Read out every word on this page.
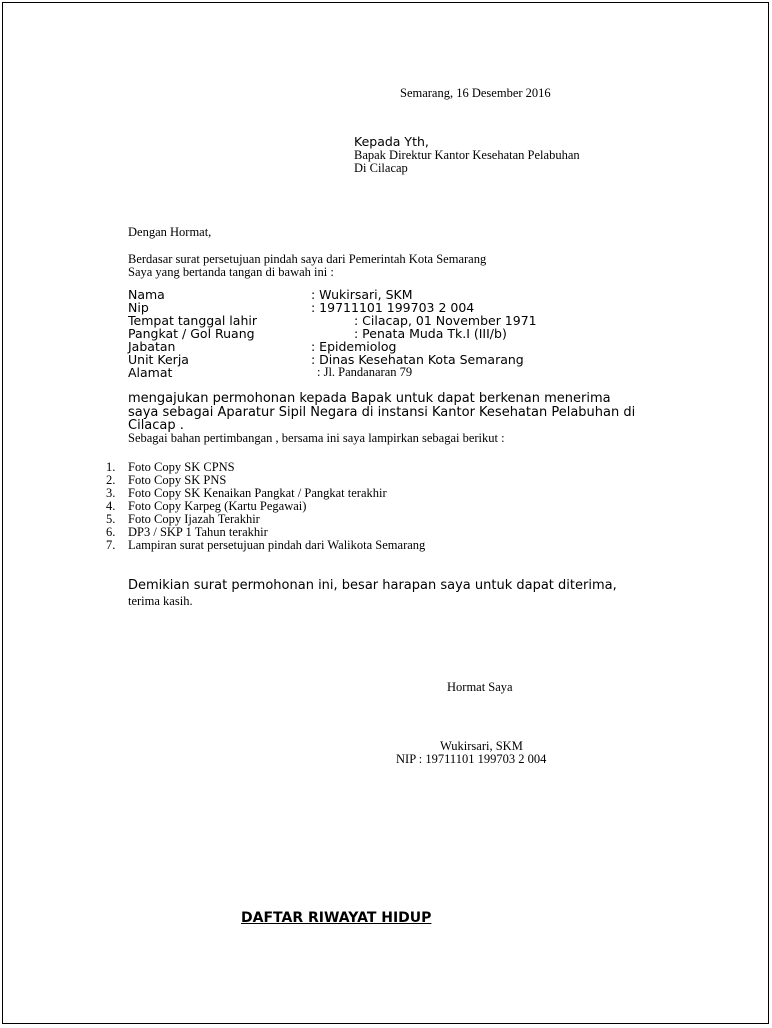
Semarang, 16 Desember 2016
Kepada Yth,
Bapak Direktur Kantor Kesehatan Pelabuhan
Di Cilacap
Dengan Hormat,
Berdasar surat persetujuan pindah saya dari Pemerintah Kota Semarang
Saya yang bertanda tangan di bawah ini :
Nama	: Wukirsari, SKM
Nip	: 19711101 199703 2 004
Tempat tanggal lahir	: Cilacap, 01 November 1971
Pangkat / Gol Ruang	: Penata Muda Tk.I (III/b)
Jabatan	: Epidemiolog
Unit Kerja	: Dinas Kesehatan Kota Semarang
Alamat	: Jl. Pandanaran 79
mengajukan permohonan kepada Bapak untuk dapat berkenan menerima
saya sebagai Aparatur Sipil Negara di instansi Kantor Kesehatan Pelabuhan di
Cilacap .
Sebagai bahan pertimbangan , bersama ini saya lampirkan sebagai berikut :
1. Foto Copy SK CPNS
2. Foto Copy SK PNS
3. Foto Copy SK Kenaikan Pangkat / Pangkat terakhir
4. Foto Copy Karpeg (Kartu Pegawai)
5. Foto Copy Ijazah Terakhir
6. DP3 / SKP 1 Tahun terakhir
7. Lampiran surat persetujuan pindah dari Walikota Semarang
Demikian surat permohonan ini, besar harapan saya untuk dapat diterima,
terima kasih.
Hormat Saya
Wukirsari, SKM
NIP : 19711101 199703 2 004
DAFTAR RIWAYAT HIDUP
